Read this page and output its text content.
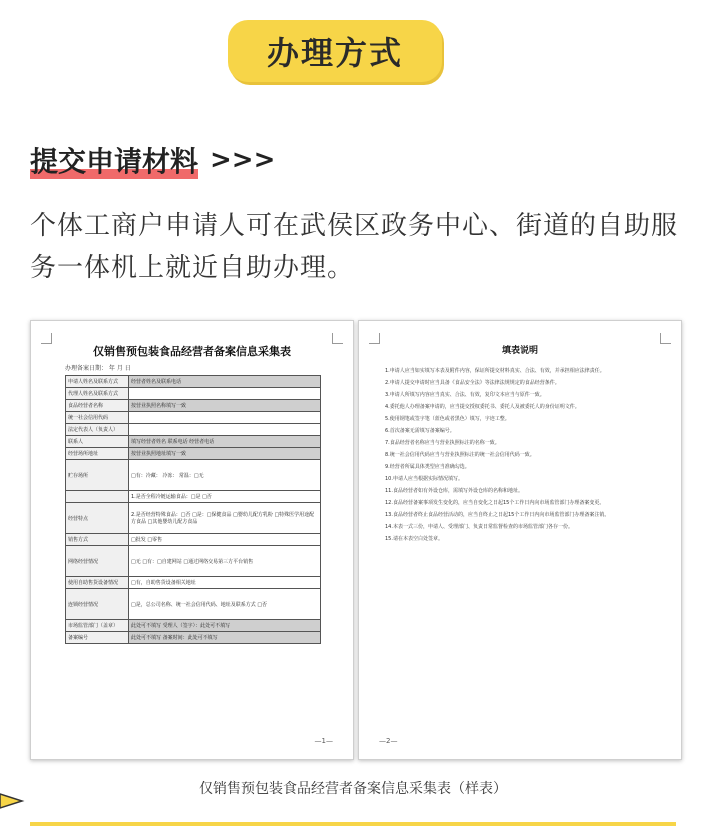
办理方式
提交申请材料 >>>
个体工商户申请人可在武侯区政务中心、街道的自助服务一体机上就近自助办理。
仅销售预包装食品经营者备案信息采集表
办理备案日期： 年 月 日
申请人姓名及联系方式	经营者姓名及联系电话
代理人姓名及联系方式	
食品经营者名称	按营业执照名称填写一致
统一社会信用代码	
法定代表人（负责人）	
联系人	填写经营者姓名 联系电话 经营者电话
经营场所地址	按营业执照地址填写一致
贮存场所	□有：冷藏： 冷冻： 常温：□无
	1.是否全程冷链运输食品：□是 □否
经营特点	2.是否经营特殊食品：□否 □是：□保健食品 □婴幼儿配方乳粉 □特殊医学用途配方食品 □其他婴幼儿配方食品
销售方式	□批发 □零售
网络经营情况	□无 □有：□自建网站 □通过网络交易第三方平台销售
使用自助售货设备情况	□有，自助售货设备相关地址
连锁经营情况	□是，总公司名称、统一社会信用代码、地址及联系方式 □否
市场监管部门（盖章）	此处可不填写 受理人（签字）：此处可不填写
备案编号	此处可不填写 备案时间：此处可不填写
—1—
填表说明

1.申请人应当如实填写本表及附件内容，保证所提交材料真实、合法、有效，并承担相应法律责任。

2.申请人提交申请时应当具备《食品安全法》等法律法规规定的食品经营条件。

3.申请人所填写内容应当真实、合法、有效，复印文本应当与原件一致。

4.委托他人办理备案申请的，应当提交授权委托书、委托人及被委托人的身份证明文件。

5.使用钢笔或签字笔（蓝色或者黑色）填写，字迹工整。

6.首次备案无需填写备案编号。

7.食品经营者名称应当与营业执照标注的名称一致。

8.统一社会信用代码应当与营业执照标注的统一社会信用代码一致。

9.经营者所属具体类型应当准确勾选。

10.申请人应当根据实际情况填写。

11.食品经营者如有外设仓库，需填写外设仓库的名称和地址。

12.食品经营备案事项发生变化的，应当自变化之日起15个工作日内向市场监管部门办理备案变更。

13.食品经营者终止食品经营活动的，应当自终止之日起15个工作日内向市场监管部门办理备案注销。

14.本表一式三份，申请人、受理部门、负责日常监督检查的市场监管部门各存一份。

15.请在本表空白处签章。

—2—
仅销售预包装食品经营者备案信息采集表（样表）
